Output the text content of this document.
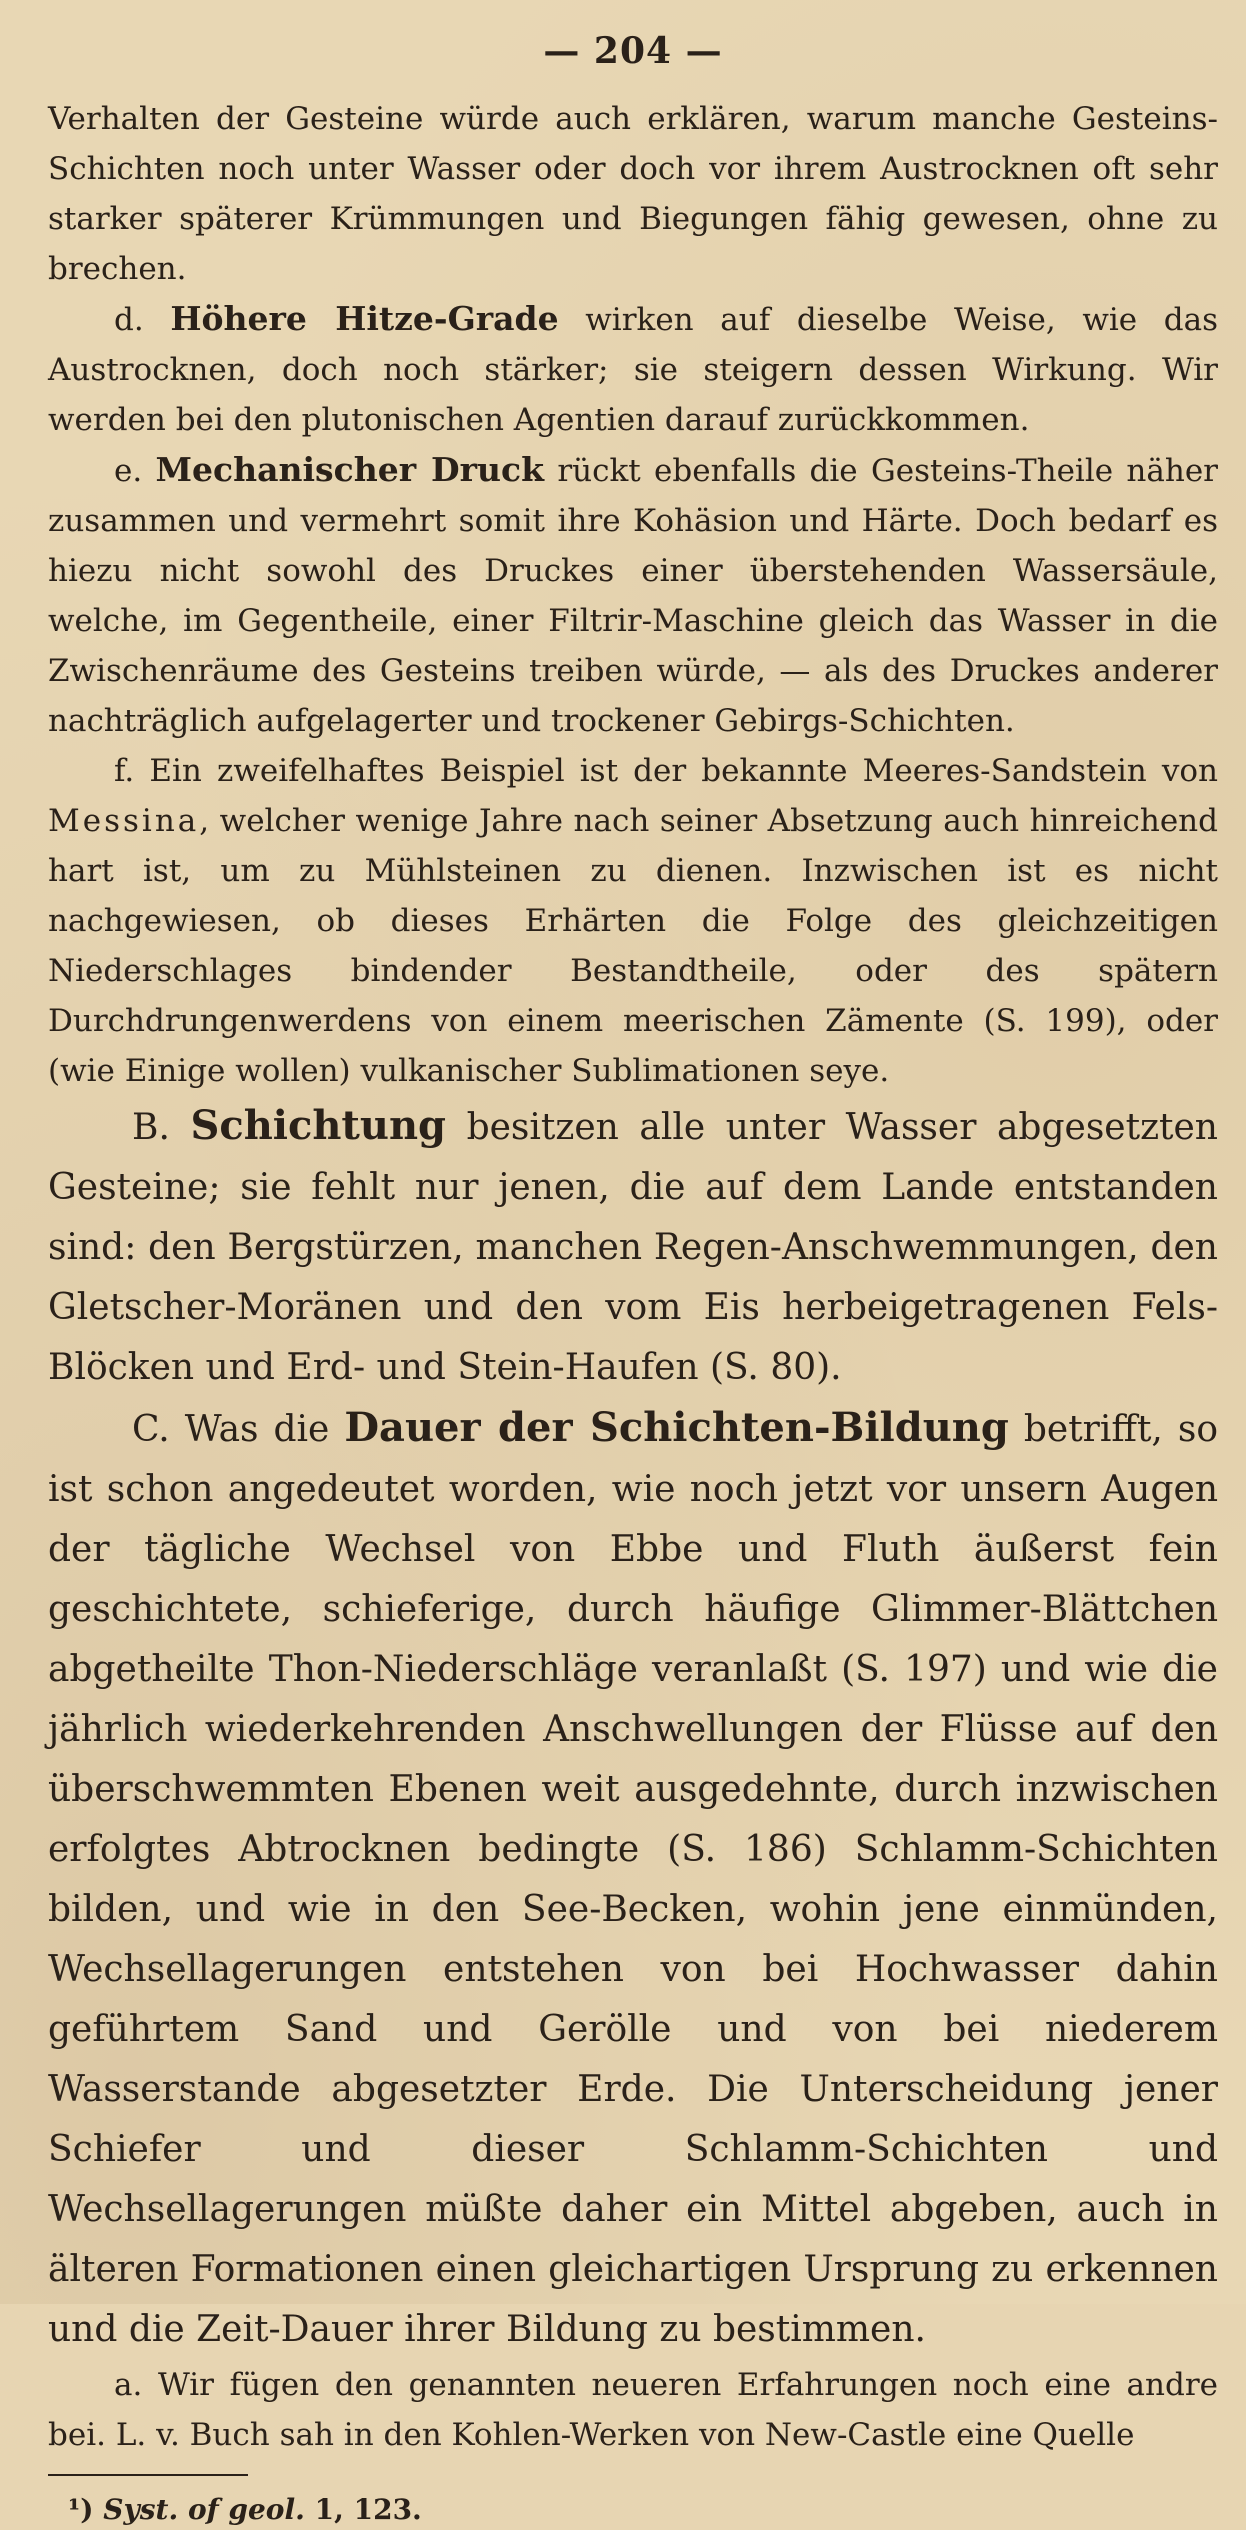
— 204 —

Verhalten der Gesteine würde auch erklären, warum manche Gesteins-Schichten noch unter Wasser oder doch vor ihrem Austrocknen oft sehr starker späterer Krümmungen und Biegungen fähig gewesen, ohne zu brechen.

d. Höhere Hitze-Grade wirken auf dieselbe Weise, wie das Austrocknen, doch noch stärker; sie steigern dessen Wirkung. Wir werden bei den plutonischen Agentien darauf zurückkommen.

e. Mechanischer Druck rückt ebenfalls die Gesteins-Theile näher zusammen und vermehrt somit ihre Kohäsion und Härte. Doch bedarf es hiezu nicht sowohl des Druckes einer überstehenden Wassersäule, welche, im Gegentheile, einer Filtrir-Maschine gleich das Wasser in die Zwischenräume des Gesteins treiben würde, — als des Druckes anderer nachträglich aufgelagerter und trockener Gebirgs-Schichten.

f. Ein zweifelhaftes Beispiel ist der bekannte Meeres-Sandstein von Messina, welcher wenige Jahre nach seiner Absetzung auch hinreichend hart ist, um zu Mühlsteinen zu dienen. Inzwischen ist es nicht nachgewiesen, ob dieses Erhärten die Folge des gleichzeitigen Niederschlages bindender Bestandtheile, oder des spätern Durchdrungenwerdens von einem meerischen Zämente (S. 199), oder (wie Einige wollen) vulkanischer Sublimationen seye.

B. Schichtung besitzen alle unter Wasser abgesetzten Gesteine; sie fehlt nur jenen, die auf dem Lande entstanden sind: den Bergstürzen, manchen Regen-Anschwemmungen, den Gletscher-Moränen und den vom Eis herbeigetragenen Fels-Blöcken und Erd- und Stein-Haufen (S. 80).

C. Was die Dauer der Schichten-Bildung betrifft, so ist schon angedeutet worden, wie noch jetzt vor unsern Augen der tägliche Wechsel von Ebbe und Fluth äußerst fein geschichtete, schieferige, durch häufige Glimmer-Blättchen abgetheilte Thon-Niederschläge veranlaßt (S. 197) und wie die jährlich wiederkehrenden Anschwellungen der Flüsse auf den überschwemmten Ebenen weit ausgedehnte, durch inzwischen erfolgtes Abtrocknen bedingte (S. 186) Schlamm-Schichten bilden, und wie in den See-Becken, wohin jene einmünden, Wechsellagerungen entstehen von bei Hochwasser dahin geführtem Sand und Gerölle und von bei niederem Wasserstande abgesetzter Erde. Die Unterscheidung jener Schiefer und dieser Schlamm-Schichten und Wechsellagerungen müßte daher ein Mittel abgeben, auch in älteren Formationen einen gleichartigen Ursprung zu erkennen und die Zeit-Dauer ihrer Bildung zu bestimmen.

a. Wir fügen den genannten neueren Erfahrungen noch eine andre bei. L. v. Buch sah in den Kohlen-Werken von New-Castle eine Quelle

¹) Syst. of geol. 1, 123.
